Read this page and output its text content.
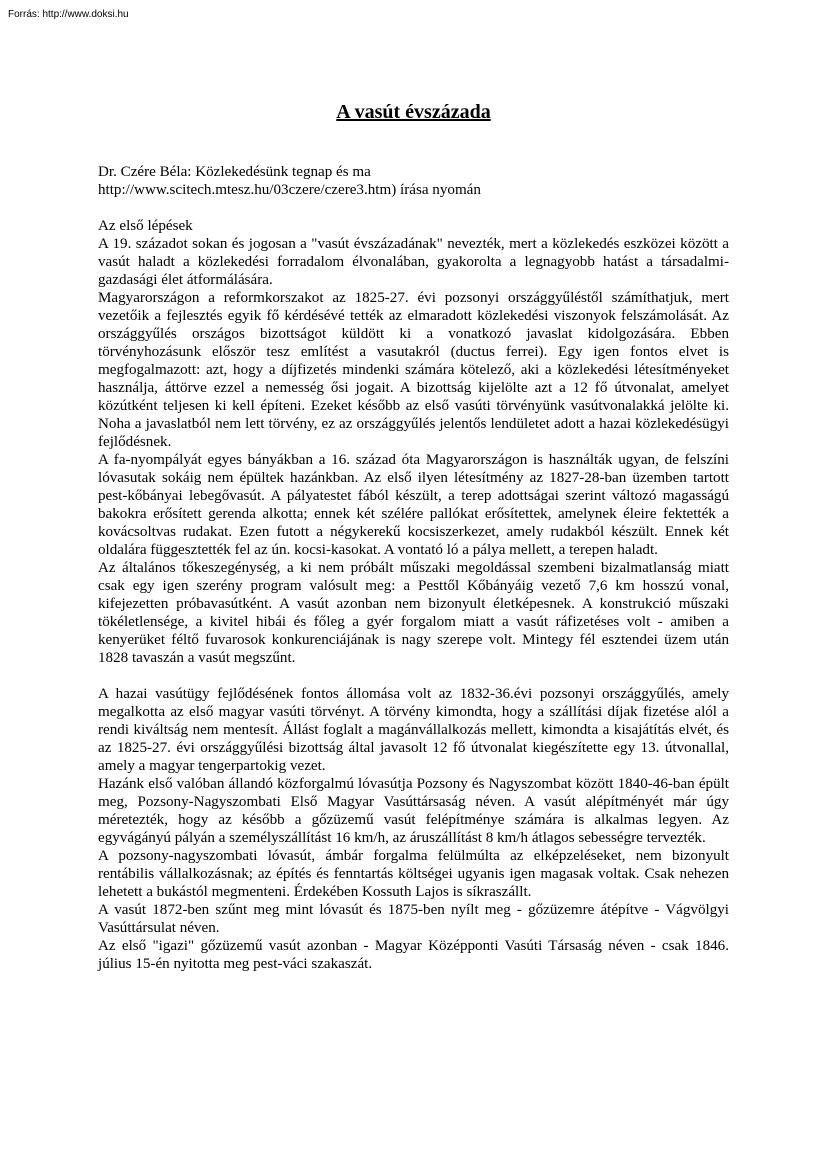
Forrás: http://www.doksi.hu
A vasút évszázada

Dr. Czére Béla: Közlekedésünk tegnap és ma

http://www.scitech.mtesz.hu/03czere/czere3.htm) írása nyomán

Az első lépések

A 19. századot sokan és jogosan a "vasút évszázadának" nevezték, mert a közlekedés eszközei között a vasút haladt a közlekedési forradalom élvonalában, gyakorolta a legnagyobb hatást a társadalmi-gazdasági élet átformálására.

Magyarországon a reformkorszakot az 1825-27. évi pozsonyi országgyűléstől számíthatjuk, mert vezetőik a fejlesztés egyik fő kérdésévé tették az elmaradott közlekedési viszonyok felszámolását. Az országgyűlés országos bizottságot küldött ki a vonatkozó javaslat kidolgozására. Ebben törvényhozásunk először tesz említést a vasutakról (ductus ferrei). Egy igen fontos elvet is megfogalmazott: azt, hogy a díjfizetés mindenki számára kötelező, aki a közlekedési létesítményeket használja, áttörve ezzel a nemesség ősi jogait. A bizottság kijelölte azt a 12 fő útvonalat, amelyet közútként teljesen ki kell építeni. Ezeket később az első vasúti törvényünk vasútvonalakká jelölte ki. Noha a javaslatból nem lett törvény, ez az országgyűlés jelentős lendületet adott a hazai közlekedésügyi fejlődésnek.

A fa-nyompályát egyes bányákban a 16. század óta Magyarországon is használták ugyan, de felszíni lóvasutak sokáig nem épültek hazánkban. Az első ilyen létesítmény az 1827-28-ban üzemben tartott pest-kőbányai lebegővasút. A pályatestet fából készült, a terep adottságai szerint változó magasságú bakokra erősített gerenda alkotta; ennek két szélére pallókat erősítettek, amelynek éleire fektették a kovácsoltvas rudakat. Ezen futott a négykerekű kocsiszerkezet, amely rudakból készült. Ennek két oldalára függesztették fel az ún. kocsi-kasokat. A vontató ló a pálya mellett, a terepen haladt.

Az általános tőkeszegénység, a ki nem próbált műszaki megoldással szembeni bizalmatlanság miatt csak egy igen szerény program valósult meg: a Pesttől Kőbányáig vezető 7,6 km hosszú vonal, kifejezetten próbavasútként. A vasút azonban nem bizonyult életképesnek. A konstrukció műszaki tökéletlensége, a kivitel hibái és főleg a gyér forgalom miatt a vasút ráfizetéses volt - amiben a kenyerüket féltő fuvarosok konkurenciájának is nagy szerepe volt. Mintegy fél esztendei üzem után 1828 tavaszán a vasút megszűnt.

A hazai vasútügy fejlődésének fontos állomása volt az 1832-36.évi pozsonyi országgyűlés, amely megalkotta az első magyar vasúti törvényt. A törvény kimondta, hogy a szállítási díjak fizetése alól a rendi kiváltság nem mentesít. Állást foglalt a magánvállalkozás mellett, kimondta a kisajátítás elvét, és az 1825-27. évi országgyűlési bizottság által javasolt 12 fő útvonalat kiegészítette egy 13. útvonallal, amely a magyar tengerpartokig vezet.

Hazánk első valóban állandó közforgalmú lóvasútja Pozsony és Nagyszombat között 1840-46-ban épült meg, Pozsony-Nagyszombati Első Magyar Vasúttársaság néven. A vasút alépítményét már úgy méretezték, hogy az később a gőzüzemű vasút felépítménye számára is alkalmas legyen. Az egyvágányú pályán a személyszállítást 16 km/h, az áruszállítást 8 km/h átlagos sebességre tervezték.

A pozsony-nagyszombati lóvasút, ámbár forgalma felülmúlta az elképzeléseket, nem bizonyult rentábilis vállalkozásnak; az építés és fenntartás költségei ugyanis igen magasak voltak. Csak nehezen lehetett a bukástól megmenteni. Érdekében Kossuth Lajos is síkraszállt.

A vasút 1872-ben szűnt meg mint lóvasút és 1875-ben nyílt meg - gőzüzemre átépítve - Vágvölgyi Vasúttársulat néven.

Az első "igazi" gőzüzemű vasút azonban - Magyar Középponti Vasúti Társaság néven - csak 1846. július 15-én nyitotta meg pest-váci szakaszát.
